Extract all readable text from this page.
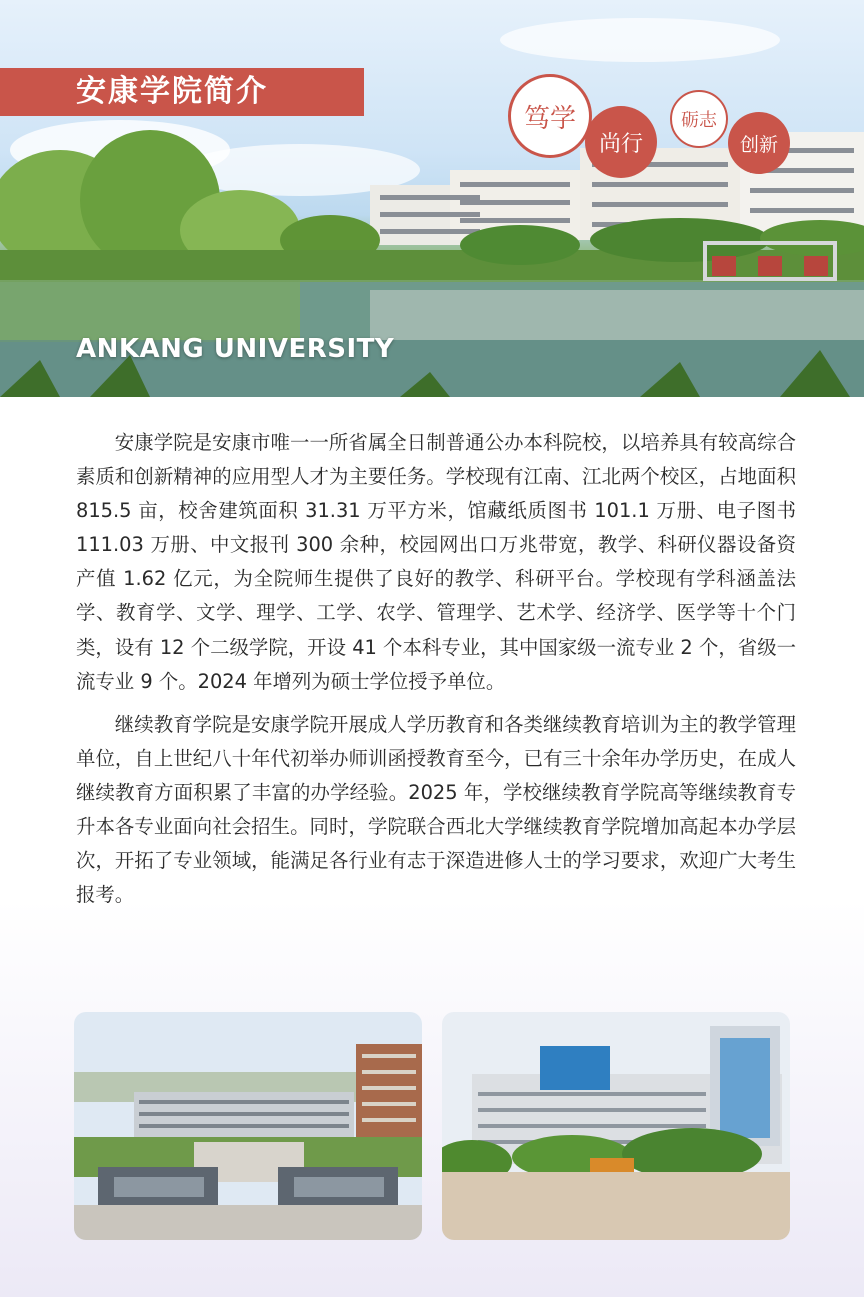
安康学院简介
笃学
尚行
砺志
创新
ANKANG UNIVERSITY

安康学院是安康市唯一一所省属全日制普通公办本科院校，以培养具有较高综合素质和创新精神的应用型人才为主要任务。学校现有江南、江北两个校区，占地面积 815.5 亩，校舍建筑面积 31.31 万平方米，馆藏纸质图书 101.1 万册、电子图书 111.03 万册、中文报刊 300 余种，校园网出口万兆带宽，教学、科研仪器设备资产值 1.62 亿元，为全院师生提供了良好的教学、科研平台。学校现有学科涵盖法学、教育学、文学、理学、工学、农学、管理学、艺术学、经济学、医学等十个门类，设有 12 个二级学院，开设 41 个本科专业，其中国家级一流专业 2 个，省级一流专业 9 个。2024 年增列为硕士学位授予单位。

继续教育学院是安康学院开展成人学历教育和各类继续教育培训为主的教学管理单位，自上世纪八十年代初举办师训函授教育至今，已有三十余年办学历史，在成人继续教育方面积累了丰富的办学经验。2025 年，学校继续教育学院高等继续教育专升本各专业面向社会招生。同时，学院联合西北大学继续教育学院增加高起本办学层次，开拓了专业领域，能满足各行业有志于深造进修人士的学习要求，欢迎广大考生报考。
